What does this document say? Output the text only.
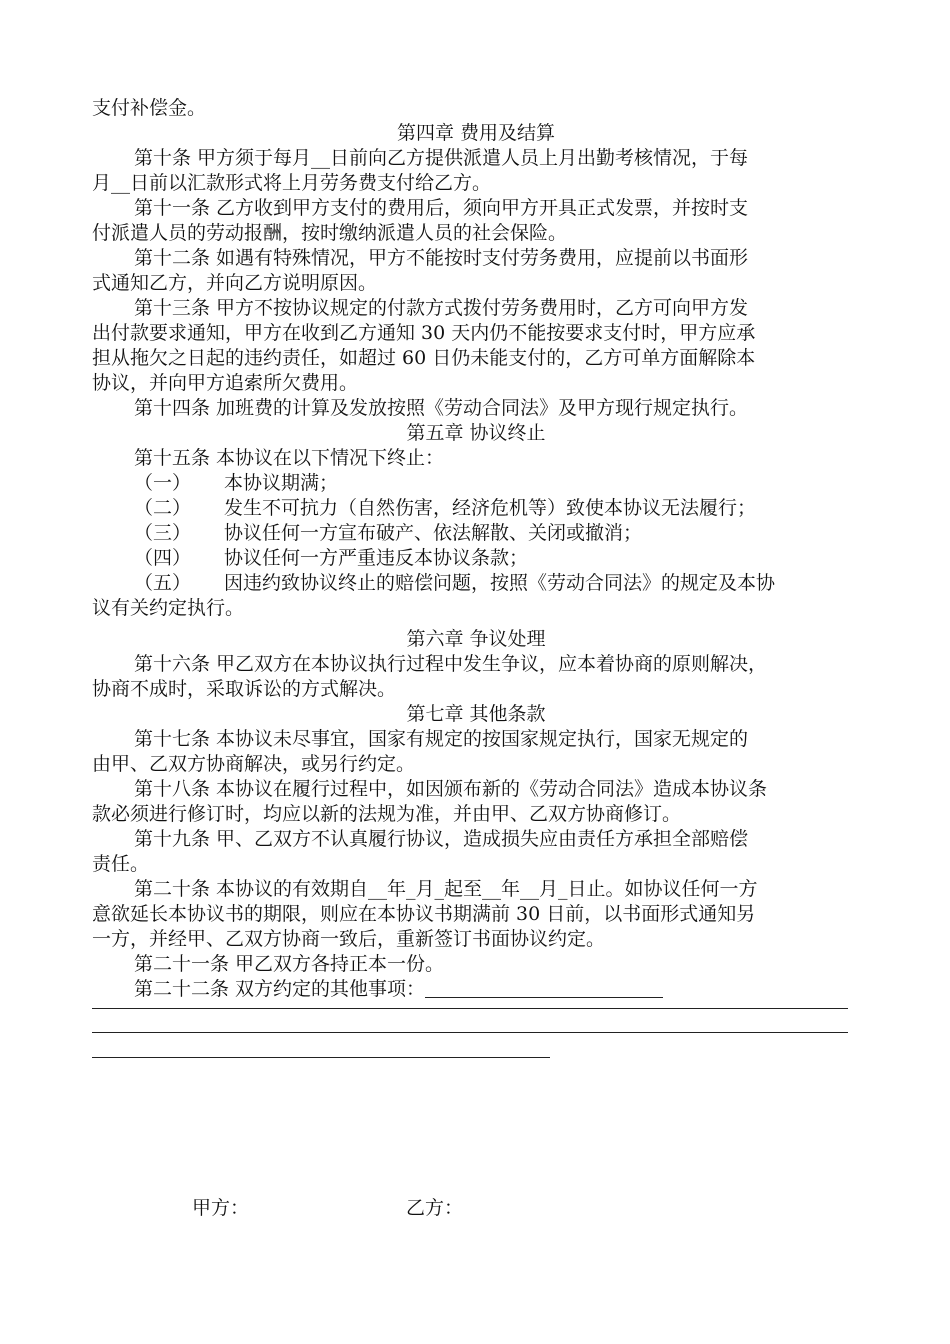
支付补偿金。
第四章 费用及结算
第十条 甲方须于每月__日前向乙方提供派遣人员上月出勤考核情况，于每
月__日前以汇款形式将上月劳务费支付给乙方。
第十一条 乙方收到甲方支付的费用后，须向甲方开具正式发票，并按时支
付派遣人员的劳动报酬，按时缴纳派遣人员的社会保险。
第十二条 如遇有特殊情况，甲方不能按时支付劳务费用，应提前以书面形
式通知乙方，并向乙方说明原因。
第十三条 甲方不按协议规定的付款方式拨付劳务费用时，乙方可向甲方发
出付款要求通知，甲方在收到乙方通知 30 天内仍不能按要求支付时，甲方应承
担从拖欠之日起的违约责任，如超过 60 日仍未能支付的，乙方可单方面解除本
协议，并向甲方追索所欠费用。
第十四条 加班费的计算及发放按照《劳动合同法》及甲方现行规定执行。
第五章 协议终止
第十五条 本协议在以下情况下终止：
（一）	本协议期满；
（二）	发生不可抗力（自然伤害，经济危机等）致使本协议无法履行；
（三）	协议任何一方宣布破产、依法解散、关闭或撤消；
（四）	协议任何一方严重违反本协议条款；
（五）	因违约致协议终止的赔偿问题，按照《劳动合同法》的规定及本协
议有关约定执行。
第六章 争议处理
第十六条 甲乙双方在本协议执行过程中发生争议，应本着协商的原则解决，
协商不成时，采取诉讼的方式解决。
第七章 其他条款
第十七条 本协议未尽事宜，国家有规定的按国家规定执行，国家无规定的
由甲、乙双方协商解决，或另行约定。
第十八条 本协议在履行过程中，如因颁布新的《劳动合同法》造成本协议条
款必须进行修订时，均应以新的法规为准，并由甲、乙双方协商修订。
第十九条 甲、乙双方不认真履行协议，造成损失应由责任方承担全部赔偿
责任。
第二十条 本协议的有效期自__年_月_起至__年__月_日止。如协议任何一方
意欲延长本协议书的期限，则应在本协议书期满前 30 日前，以书面形式通知另
一方，并经甲、乙双方协商一致后，重新签订书面协议约定。
第二十一条 甲乙双方各持正本一份。
第二十二条 双方约定的其他事项：
甲方：	乙方：
